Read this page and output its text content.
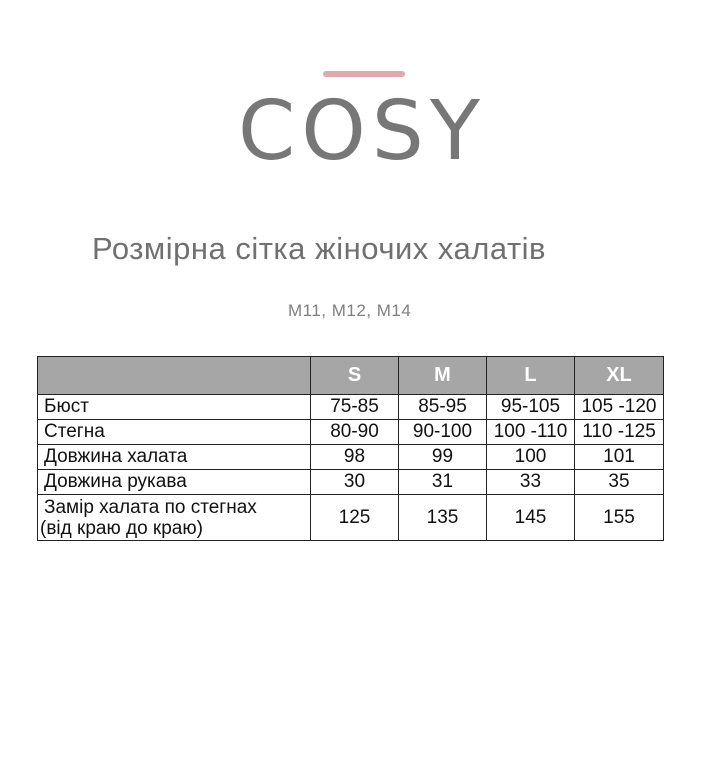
COSY
Розмірна сітка жіночих халатів
М11, М12, М14
	S	M	L	XL
Бюст	75-85	85-95	95-105	105 -120
Стегна	80-90	90-100	100 -110	110 -125
Довжина халата	98	99	100	101
Довжина рукава	30	31	33	35

Замір халата по стегнах
(від краю до краю)	125	135	145	155
